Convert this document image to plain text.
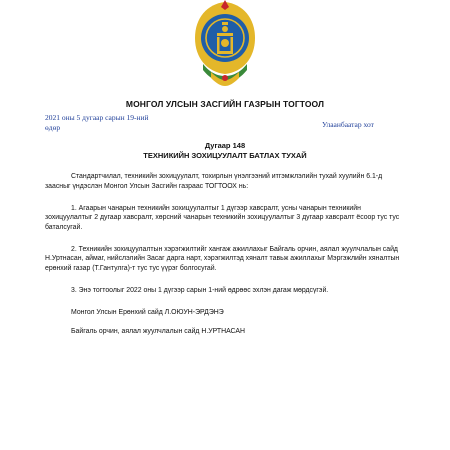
МОНГОЛ УЛСЫН ЗАСГИЙН ГАЗРЫН ТОГТООЛ
2021 оны 5 дугаар сарын 19-ний
өдөр	Улаанбаатар хот
Дугаар 148
ТЕХНИКИЙН ЗОХИЦУУЛАЛТ БАТЛАХ ТУХАЙ

Стандартчилал, техникийн зохицуулалт, тохирлын үнэлгээний итгэмжлэлийн тухай хуулийн 6.1-д заасныг үндэслэн Монгол Улсын Засгийн газраас ТОГТООХ нь:

1. Агаарын чанарын техникийн зохицуулалтыг 1 дүгээр хавсралт, усны чанарын техникийн зохицуулалтыг 2 дугаар хавсралт, хөрсний чанарын техникийн зохицуулалтыг 3 дугаар хавсралт ёсоор тус тус баталсугай.

2. Техникийн зохицуулалтын хэрэгжилтийг хангаж ажиллахыг Байгаль орчин, аялал жуулчлалын сайд Н.Уртнасан, аймаг, нийслэлийн Засаг дарга нарт, хэрэгжилтэд хяналт тавьж ажиллахыг Мэргэжлийн хяналтын ерөнхий газар (Т.Гантулга)-т тус тус үүрэг болгосугай.

3. Энэ тогтоолыг 2022 оны 1 дүгээр сарын 1-ний өдрөөс эхлэн дагаж мөрдсүгэй.

Монгол Улсын Ерөнхий сайд Л.ОЮУН-ЭРДЭНЭ

Байгаль орчин, аялал жуулчлалын сайд Н.УРТНАСАН
